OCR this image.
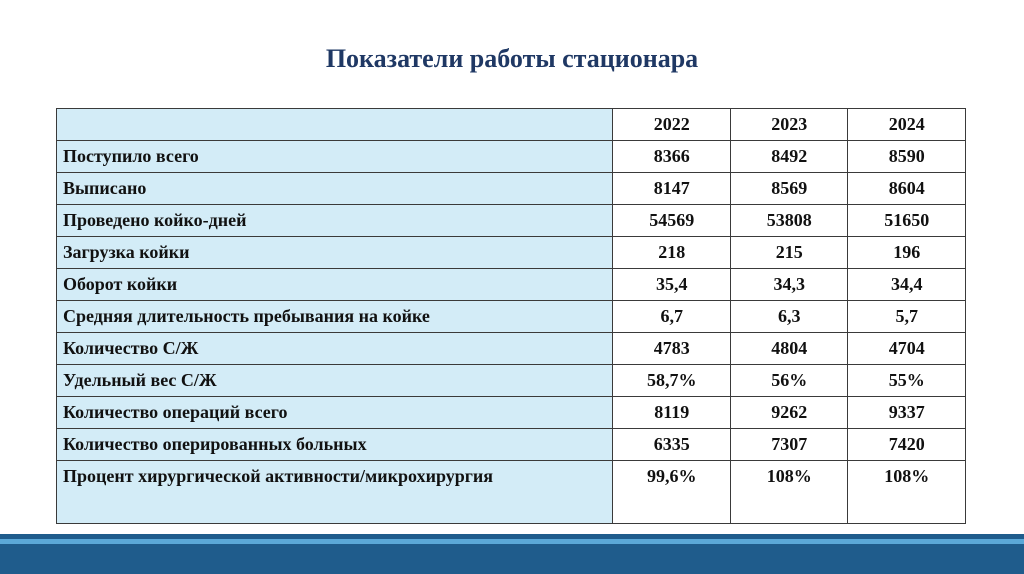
Показатели работы стационара
	2022	2023	2024
Поступило всего	8366	8492	8590
Выписано	8147	8569	8604
Проведено койко-дней	54569	53808	51650
Загрузка койки	218	215	196
Оборот койки	35,4	34,3	34,4
Средняя длительность пребывания на койке	6,7	6,3	5,7
Количество С/Ж	4783	4804	4704
Удельный вес С/Ж	58,7%	56%	55%
Количество операций всего	8119	9262	9337
Количество оперированных больных	6335	7307	7420
Процент хирургической активности/микрохирургия	99,6%	108%	108%
